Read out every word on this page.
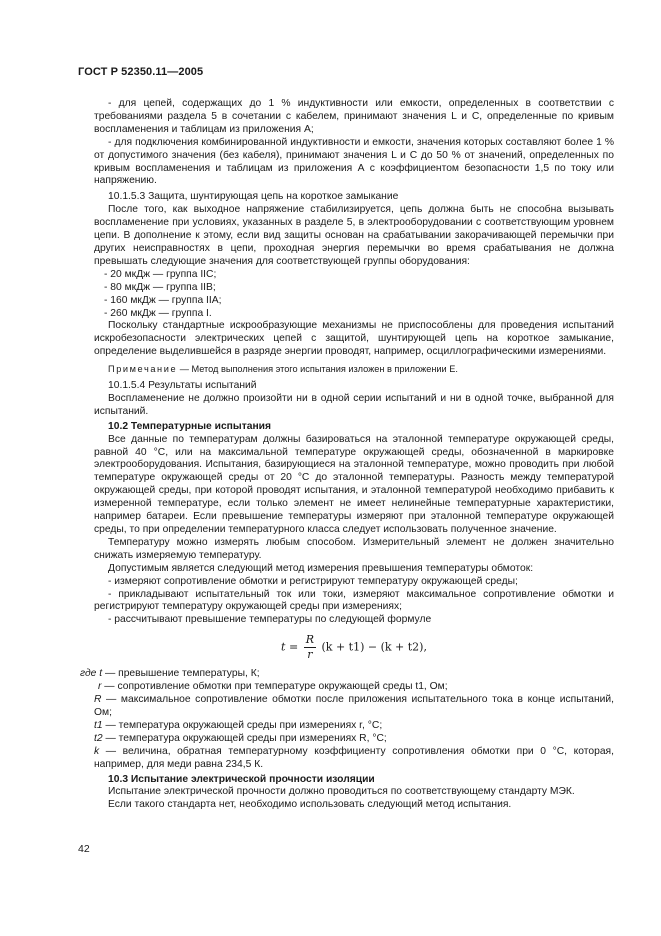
ГОСТ Р 52350.11—2005

- для цепей, содержащих до 1 % индуктивности или емкости, определенных в соответствии с требованиями раздела 5 в сочетании с кабелем, принимают значения L и C, определенные по кривым воспламенения и таблицам из приложения А;

- для подключения комбинированной индуктивности и емкости, значения которых составляют более 1 % от допустимого значения (без кабеля), принимают значения L и C до 50 % от значений, определенных по кривым воспламенения и таблицам из приложения А с коэффициентом безопасности 1,5 по току или напряжению.

10.1.5.3 Защита, шунтирующая цепь на короткое замыкание

После того, как выходное напряжение стабилизируется, цепь должна быть не способна вызывать воспламенение при условиях, указанных в разделе 5, в электрооборудовании с соответствующим уровнем цепи. В дополнение к этому, если вид защиты основан на срабатывании закорачивающей перемычки при других неисправностях в цепи, проходная энергия перемычки во время срабатывания не должна превышать следующие значения для соответствующей группы оборудования:

- 20 мкДж — группа IIC;
- 80 мкДж — группа IIB;
- 160 мкДж — группа IIA;
- 260 мкДж — группа I.

Поскольку стандартные искрообразующие механизмы не приспособлены для проведения испытаний искробезопасности электрических цепей с защитой, шунтирующей цепь на короткое замыкание, определение выделившейся в разряде энергии проводят, например, осциллографическими измерениями.

Примечание — Метод выполнения этого испытания изложен в приложении Е.

10.1.5.4 Результаты испытаний

Воспламенение не должно произойти ни в одной серии испытаний и ни в одной точке, выбранной для испытаний.

10.2 Температурные испытания

Все данные по температурам должны базироваться на эталонной температуре окружающей среды, равной 40 °С, или на максимальной температуре окружающей среды, обозначенной в маркировке электрооборудования. Испытания, базирующиеся на эталонной температуре, можно проводить при любой температуре окружающей среды от 20 °С до эталонной температуры. Разность между температурой окружающей среды, при которой проводят испытания, и эталонной температурой необходимо прибавить к измеренной температуре, если только элемент не имеет нелинейные температурные характеристики, например батареи. Если превышение температуры измеряют при эталонной температуре окружающей среды, то при определении температурного класса следует использовать полученное значение.

Температуру можно измерять любым способом. Измерительный элемент не должен значительно снижать измеряемую температуру.

Допустимым является следующий метод измерения превышения температуры обмоток:

- измеряют сопротивление обмотки и регистрируют температуру окружающей среды;

- прикладывают испытательный ток или токи, измеряют максимальное сопротивление обмотки и регистрируют температуру окружающей среды при измерениях;

- рассчитывают превышение температуры по следующей формуле

$t = \frac{R}{r} (k + t1) - (k + t2)$,

где t — превышение температуры, К;

r — сопротивление обмотки при температуре окружающей среды t1, Ом;

R — максимальное сопротивление обмотки после приложения испытательного тока в конце испытаний, Ом;

t1 — температура окружающей среды при измерениях r, °С;

t2 — температура окружающей среды при измерениях R, °С;

k — величина, обратная температурному коэффициенту сопротивления обмотки при 0 °С, которая, например, для меди равна 234,5 К.

10.3 Испытание электрической прочности изоляции

Испытание электрической прочности должно проводиться по соответствующему стандарту МЭК.

Если такого стандарта нет, необходимо использовать следующий метод испытания.

42
